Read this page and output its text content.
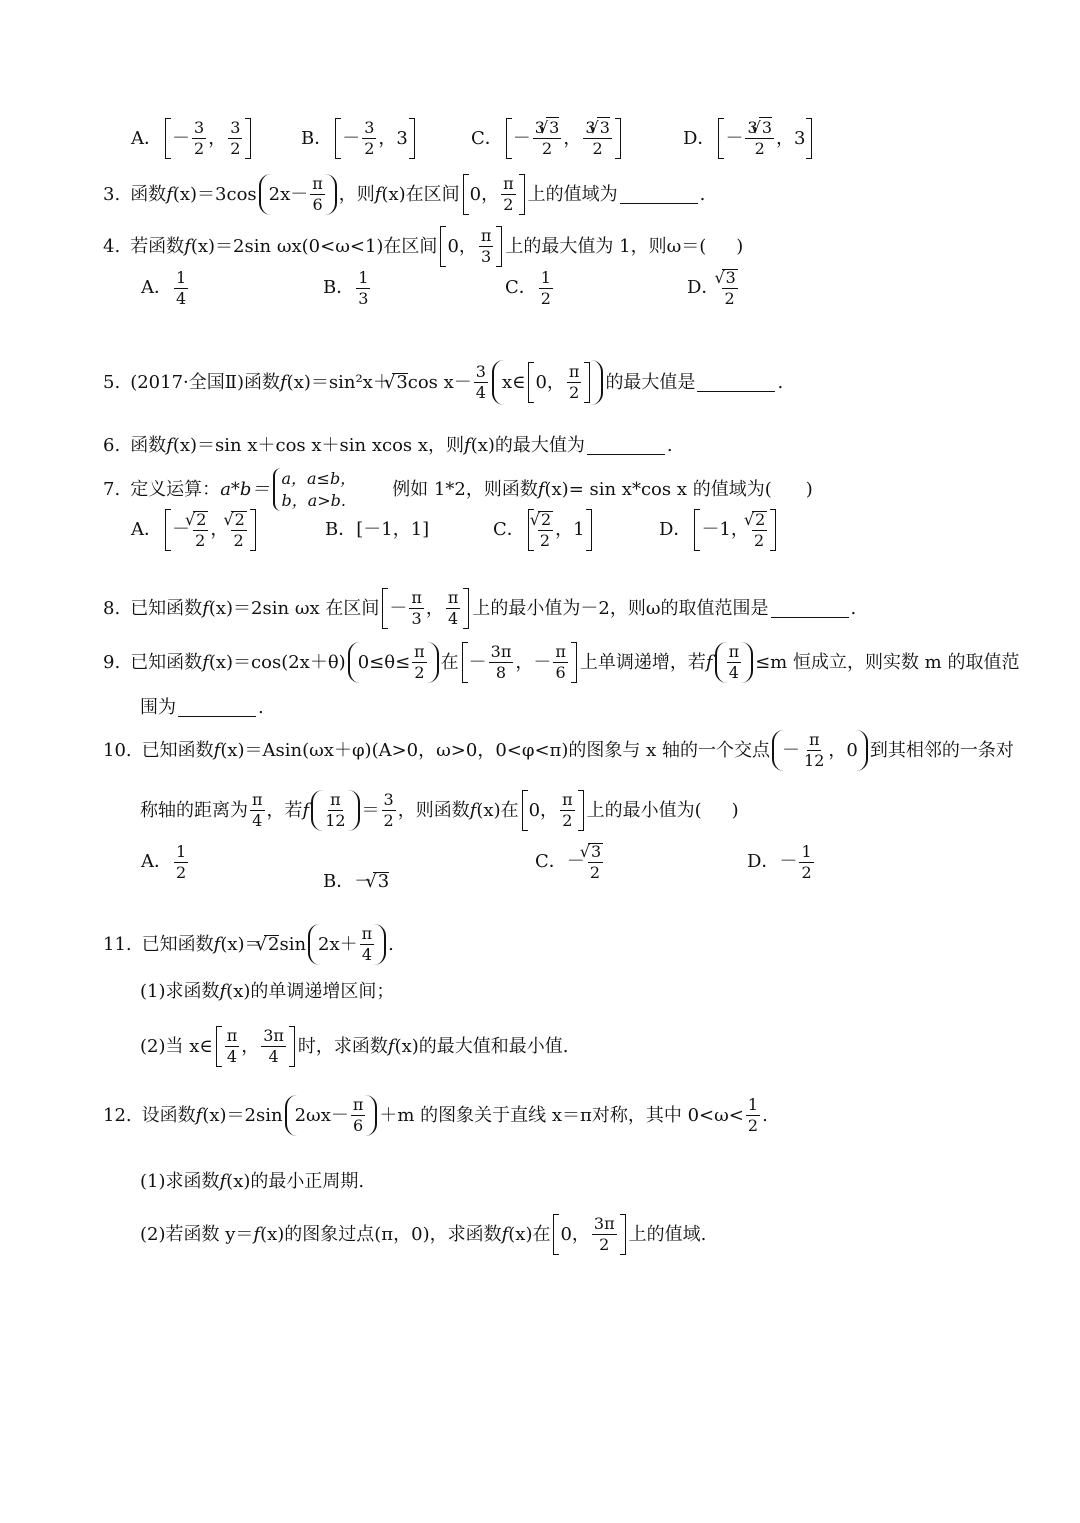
A． － $\frac{3}{2}$ ， $\frac{3}{2}$	B． － $\frac{3}{2}$ ， 3	C． － $\frac{3 √ 3}{2}$ ， $\frac{3 √ 3}{2}$	D． － $\frac{3 √ 3}{2}$ ， 3
3. 函数 f (x)＝3cos $2x- \frac{\pi}{6}$ ，则 f (x)在区间 0， $\frac{\pi}{2}$ 上的值域为	.
4. 若函数 f (x)＝2sin ωx(0<ω<1)在区间 0， $\frac{\pi}{3}$ 上的最大值为 1，则ω＝( )
A． $\frac{1}{4}$	B． $\frac{1}{3}$	C． $\frac{1}{2}$	D． √ $\frac{3}{2}$
5. (2017·全国Ⅱ)函数 f (x)＝sin²x＋ √ 3 $\cos x- \frac{3}{4}$ x∈ 0， $\frac{\pi}{2}$ 的最大值是	.
6. 函数 f (x)＝sin x＋cos x＋sin xcos x，则 f (x)的最大值为	.
7. 定义运算： a*b＝
a，a≤b，
b，a>b.
例如 1*2，则函数 f (x)= sin x*cos x 的值域为( )
A． － √ $\frac{2}{2}$ ， √ $\frac{2}{2}$	B． [－1，1]	C． √ $\frac{2}{2}$ ， 1	D． －1， √ $\frac{2}{2}$
8. 已知函数 f (x)＝2sin ωx 在区间 － $\frac{\pi}{3}$ ， $\frac{\pi}{4}$ 上的最小值为－2，则ω的取值范围是	.
9. 已知函数 f (x)＝cos(2x＋θ) $0\le\theta\le \frac{\pi}{2}$ 在 － $\frac{3\pi}{8}$ ，－ $\frac{\pi}{6}$ 上单调递增，若 f $\frac{\pi}{4} \le m$ 恒成立，则实数 m 的取值范
围为	.
10. 已知函数 f (x)＝Asin(ωx＋φ)(A>0，ω>0，0<φ<π)的图象与 x 轴的一个交点 － $\frac{\pi}{12}$ ， 0 到其相邻的一条对
称轴的距离为 $\frac{\pi}{4}$ ，若 f $\frac{\pi}{12} = \frac{3}{2}$ ，则函数 f (x)在 0， $\frac{\pi}{2}$ 上的最小值为( )
A． $\frac{1}{2}$
B． － √ 3
C． － √ $\frac{3}{2}$	D． － $\frac{1}{2}$
11. 已知函数 f (x)＝ √ 2 $\sin 2x+ \frac{\pi}{4}$ .
(1)求函数 f (x)的单调递增区间；
(2)当 x∈ $\frac{\pi}{4}$ ， $\frac{3\pi}{4}$ 时，求函数 f (x)的最大值和最小值.
12. 设函数 f (x)＝2sin $2\omega x- \frac{\pi}{6} +m$ 的图象关于直线 x＝π对称，其中 $0<\omega< \frac{1}{2}$ .
(1)求函数 f (x)的最小正周期.
(2)若函数 y＝ f (x)的图象过点(π，0)，求函数 f (x)在 0， $\frac{3\pi}{2}$ 上的值域.
